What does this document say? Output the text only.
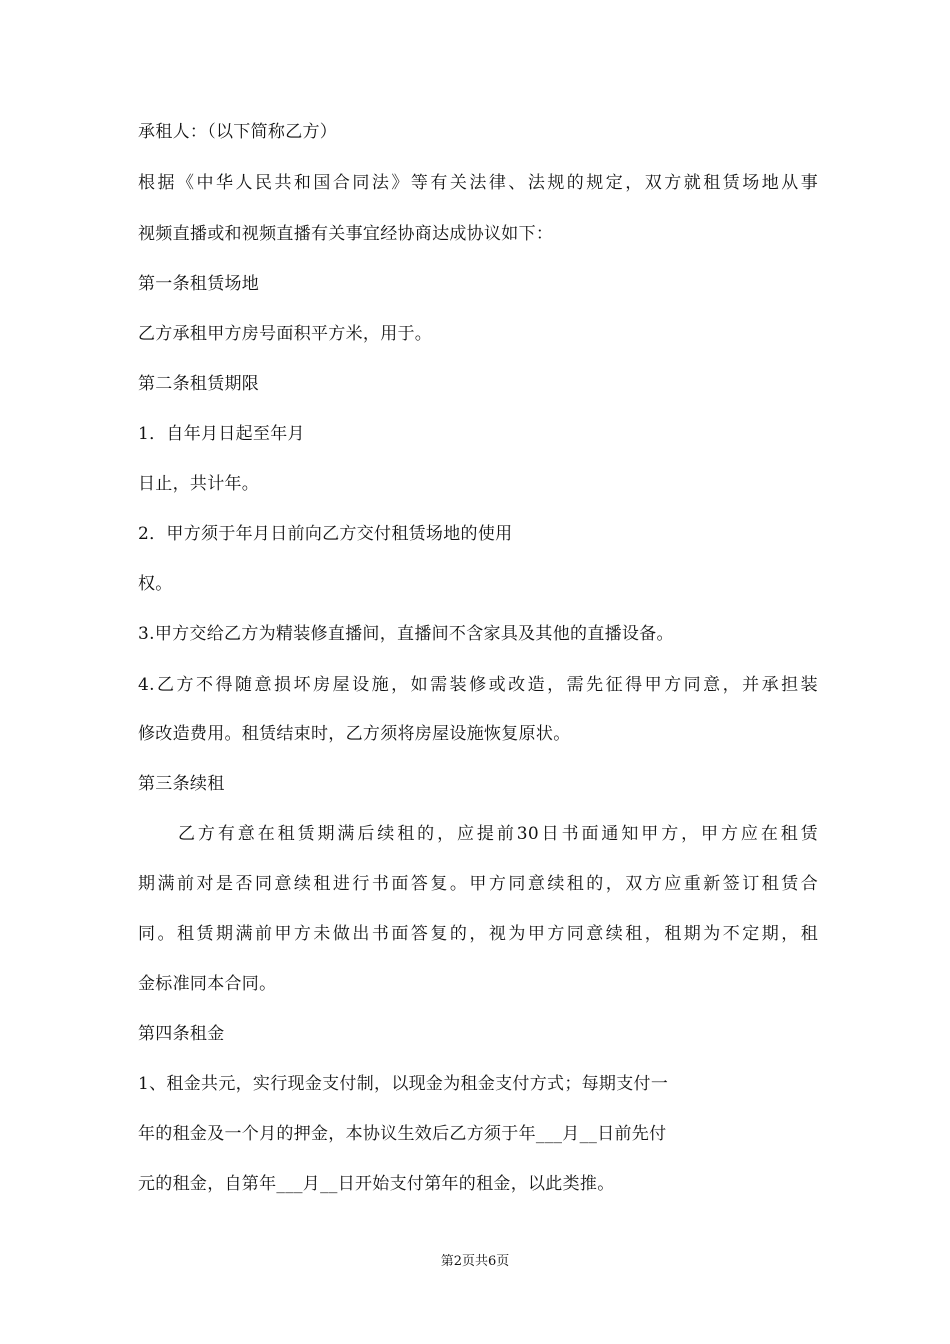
承租人：（以下简称乙方）
根据《中华人民共和国合同法》等有关法律、法规的规定，双方就租赁场地从事
视频直播或和视频直播有关事宜经协商达成协议如下：
第一条租赁场地
乙方承租甲方房号面积平方米，用于。
第二条租赁期限
1．自年月日起至年月
日止，共计年。
2．甲方须于年月日前向乙方交付租赁场地的使用
权。
3.甲方交给乙方为精装修直播间，直播间不含家具及其他的直播设备。
4.乙方不得随意损坏房屋设施，如需装修或改造，需先征得甲方同意，并承担装
修改造费用。租赁结束时，乙方须将房屋设施恢复原状。
第三条续租
乙方有意在租赁期满后续租的，应提前30日书面通知甲方，甲方应在租赁
期满前对是否同意续租进行书面答复。甲方同意续租的，双方应重新签订租赁合
同。租赁期满前甲方未做出书面答复的，视为甲方同意续租，租期为不定期，租
金标准同本合同。
第四条租金
1、租金共元，实行现金支付制，以现金为租金支付方式；每期支付一
年的租金及一个月的押金，本协议生效后乙方须于年___月__日前先付
元的租金，自第年___月__日开始支付第年的租金，以此类推。
第2页共6页
